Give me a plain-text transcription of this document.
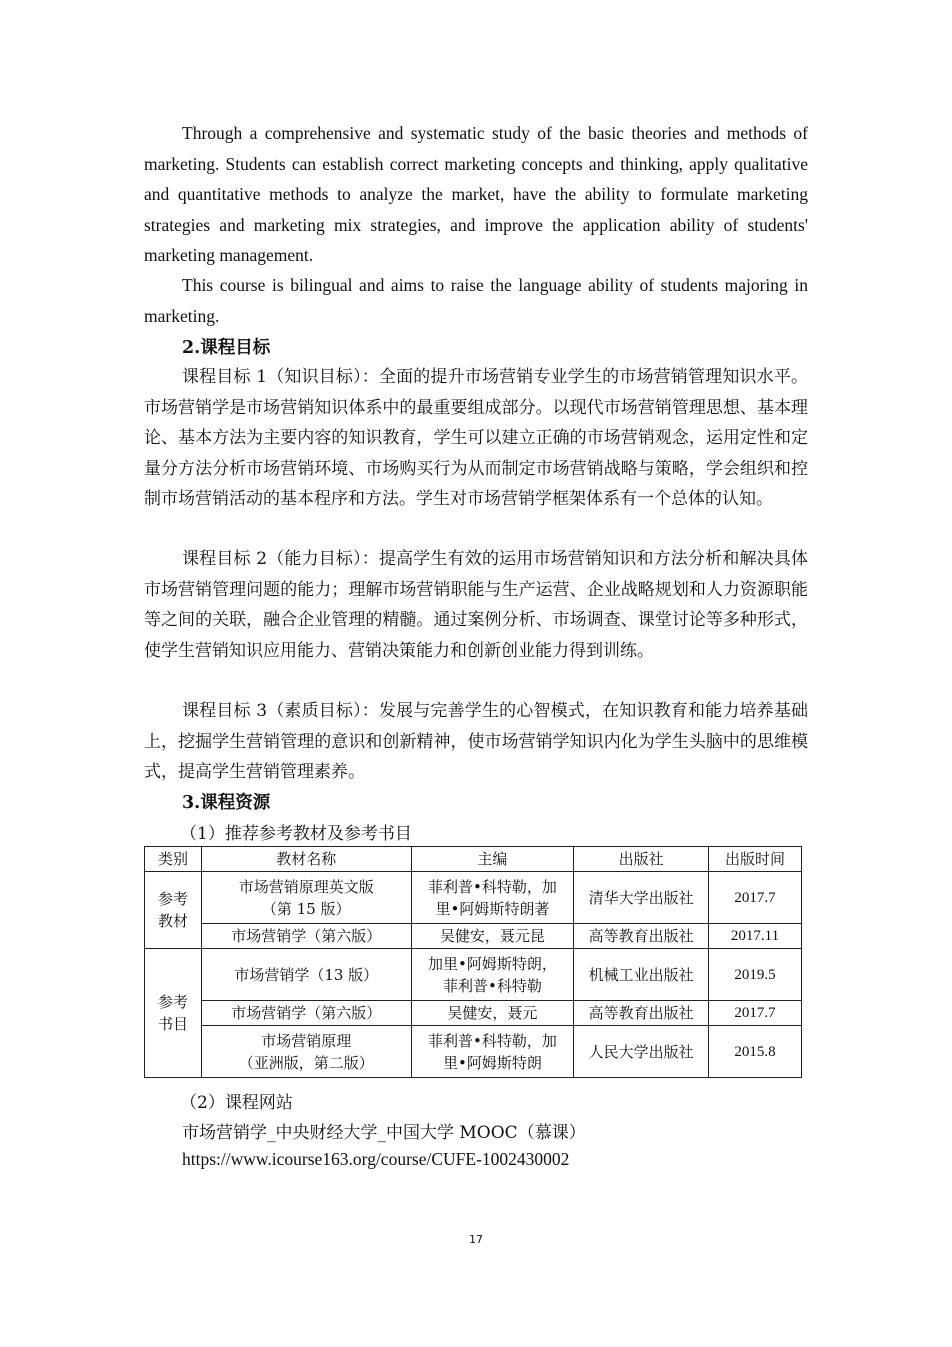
Through a comprehensive and systematic study of the basic theories and methods of marketing. Students can establish correct marketing concepts and thinking, apply qualitative and quantitative methods to analyze the market, have the ability to formulate marketing strategies and marketing mix strategies, and improve the application ability of students' marketing management.

This course is bilingual and aims to raise the language ability of students majoring in marketing.

2.课程目标

课程目标 1（知识目标）：全面的提升市场营销专业学生的市场营销管理知识水平。市场营销学是市场营销知识体系中的最重要组成部分。以现代市场营销管理思想、基本理论、基本方法为主要内容的知识教育，学生可以建立正确的市场营销观念，运用定性和定量分方法分析市场营销环境、市场购买行为从而制定市场营销战略与策略，学会组织和控制市场营销活动的基本程序和方法。学生对市场营销学框架体系有一个总体的认知。

课程目标 2（能力目标）：提高学生有效的运用市场营销知识和方法分析和解决具体市场营销管理问题的能力；理解市场营销职能与生产运营、企业战略规划和人力资源职能等之间的关联，融合企业管理的精髓。通过案例分析、市场调查、课堂讨论等多种形式，使学生营销知识应用能力、营销决策能力和创新创业能力得到训练。

课程目标 3（素质目标）：发展与完善学生的心智模式，在知识教育和能力培养基础上，挖掘学生营销管理的意识和创新精神，使市场营销学知识内化为学生头脑中的思维模式，提高学生营销管理素养。

3.课程资源

（1）推荐参考教材及参考书目

类别	教材名称	主编	出版社	出版时间
参考
教材	市场营销原理英文版
（第 15 版）	菲利普•科特勒，加
里•阿姆斯特朗著	清华大学出版社	2017.7
	市场营销学（第六版）	吴健安，聂元昆	高等教育出版社	2017.11
参考
书目	市场营销学（13 版）	加里•阿姆斯特朗，
菲利普•科特勒	机械工业出版社	2019.5
	市场营销学（第六版）	吴健安，聂元	高等教育出版社	2017.7
	市场营销原理
（亚洲版，第二版）	菲利普•科特勒，加
里•阿姆斯特朗	人民大学出版社	2015.8

（2）课程网站

市场营销学_中央财经大学_中国大学 MOOC（慕课）

https://www.icourse163.org/course/CUFE-1002430002

17
